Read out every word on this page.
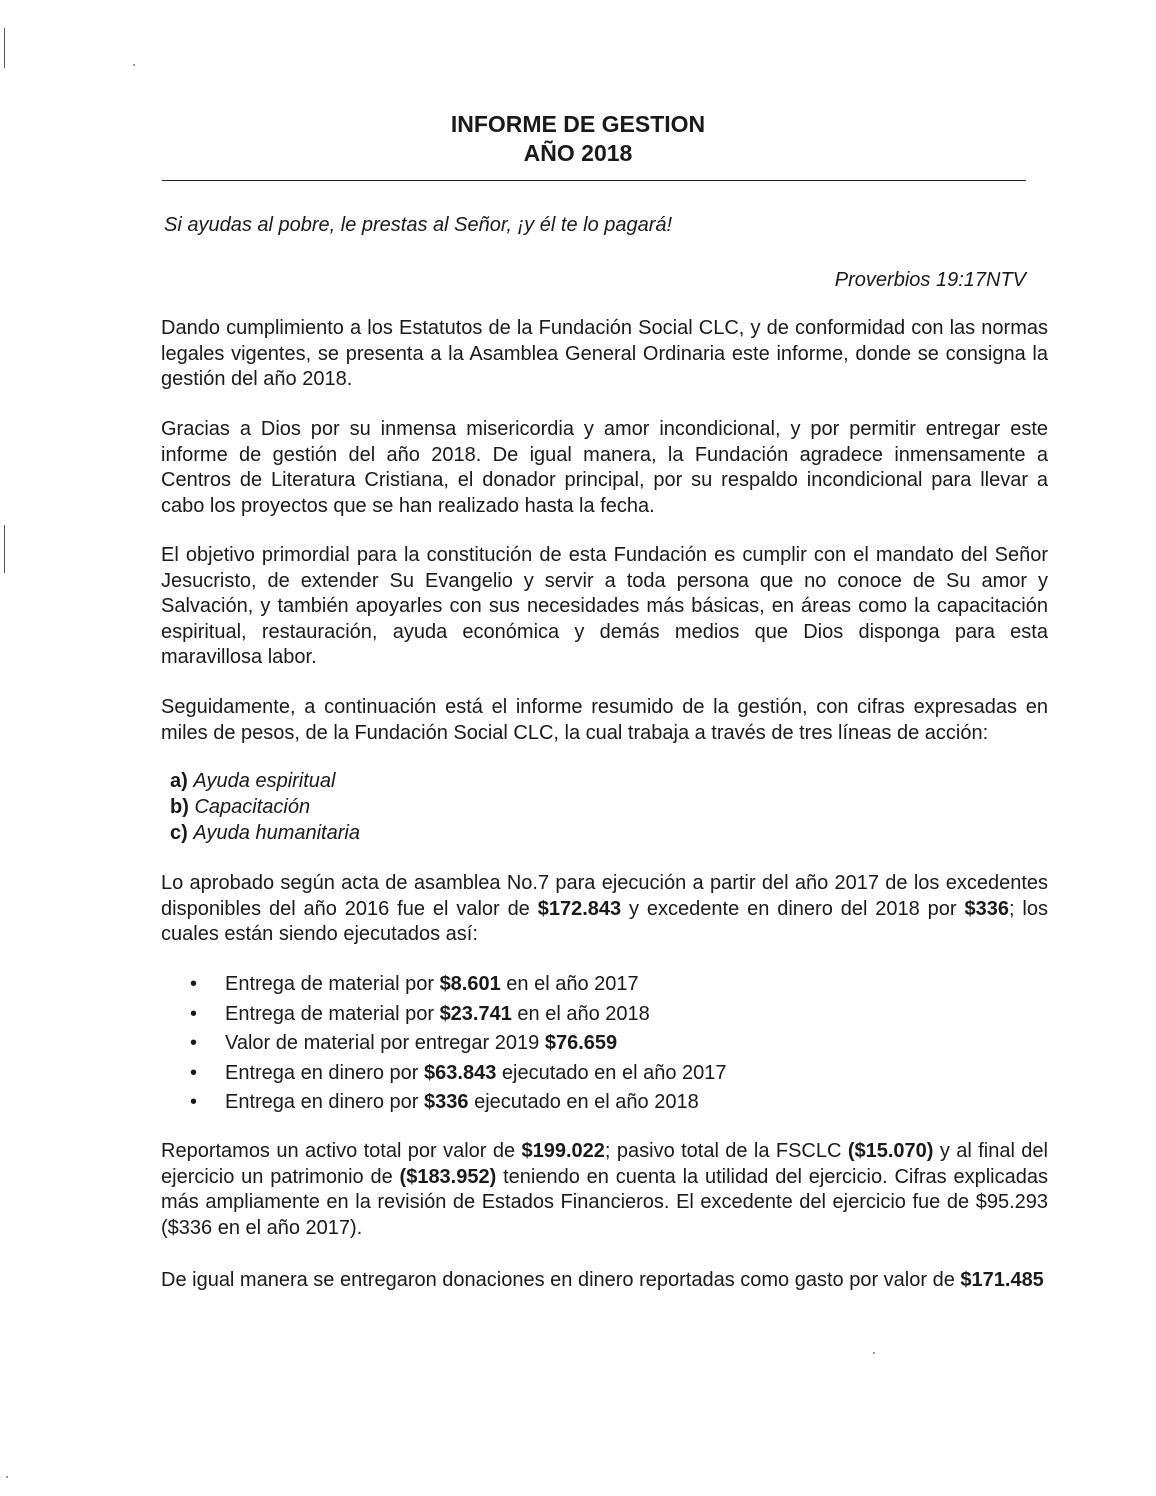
INFORME DE GESTION
AÑO 2018
Si ayudas al pobre, le prestas al Señor, ¡y él te lo pagará!
Proverbios 19:17NTV

Dando cumplimiento a los Estatutos de la Fundación Social CLC, y de conformidad con las normas legales vigentes, se presenta a la Asamblea General Ordinaria este informe, donde se consigna la gestión del año 2018.

Gracias a Dios por su inmensa misericordia y amor incondicional, y por permitir entregar este informe de gestión del año 2018. De igual manera, la Fundación agradece inmensamente a Centros de Literatura Cristiana, el donador principal, por su respaldo incondicional para llevar a cabo los proyectos que se han realizado hasta la fecha.

El objetivo primordial para la constitución de esta Fundación es cumplir con el mandato del Señor Jesucristo, de extender Su Evangelio y servir a toda persona que no conoce de Su amor y Salvación, y también apoyarles con sus necesidades más básicas, en áreas como la capacitación espiritual, restauración, ayuda económica y demás medios que Dios disponga para esta maravillosa labor.

Seguidamente, a continuación está el informe resumido de la gestión, con cifras expresadas en miles de pesos, de la Fundación Social CLC, la cual trabaja a través de tres líneas de acción:

a) Ayuda espiritual
b) Capacitación
c) Ayuda humanitaria

Lo aprobado según acta de asamblea No.7 para ejecución a partir del año 2017 de los excedentes disponibles del año 2016 fue el valor de $172.843 y excedente en dinero del 2018 por $336; los cuales están siendo ejecutados así:

• Entrega de material por $8.601 en el año 2017
• Entrega de material por $23.741 en el año 2018
• Valor de material por entregar 2019 $76.659
• Entrega en dinero por $63.843 ejecutado en el año 2017
• Entrega en dinero por $336 ejecutado en el año 2018

Reportamos un activo total por valor de $199.022; pasivo total de la FSCLC ($15.070) y al final del ejercicio un patrimonio de ($183.952) teniendo en cuenta la utilidad del ejercicio. Cifras explicadas más ampliamente en la revisión de Estados Financieros. El excedente del ejercicio fue de $95.293 ($336 en el año 2017).

De igual manera se entregaron donaciones en dinero reportadas como gasto por valor de $171.485
